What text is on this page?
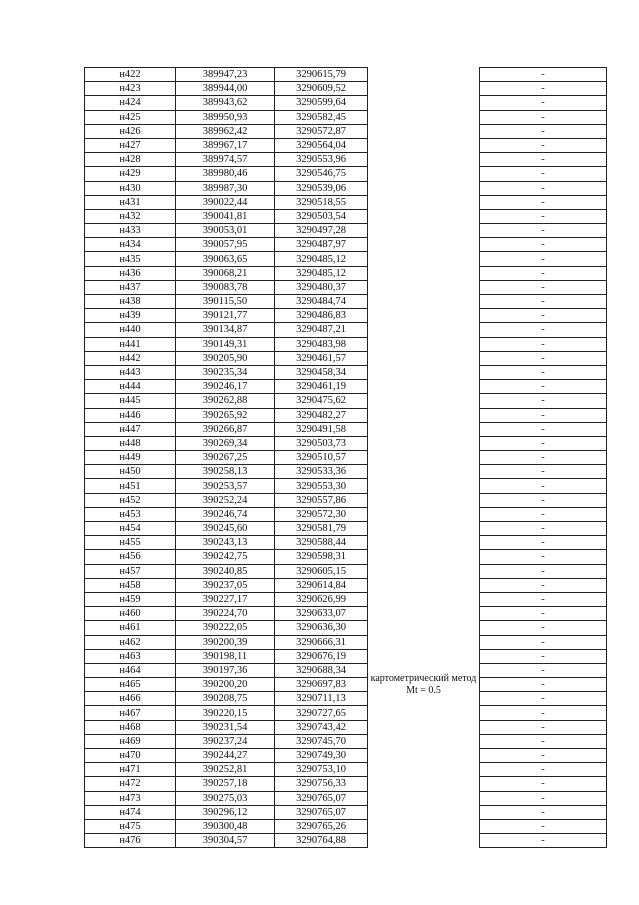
н422	389947,23	3290615,79		-
н423	389944,00	3290609,52		-
н424	389943,62	3290599,64		-
н425	389950,93	3290582,45		-
н426	389962,42	3290572,87		-
н427	389967,17	3290564,04		-
н428	389974,57	3290553,96		-
н429	389980,46	3290546,75		-
н430	389987,30	3290539,06		-
н431	390022,44	3290518,55		-
н432	390041,81	3290503,54		-
н433	390053,01	3290497,28		-
н434	390057,95	3290487,97		-
н435	390063,65	3290485,12		-
н436	390068,21	3290485,12		-
н437	390083,78	3290480,37		-
н438	390115,50	3290484,74		-
н439	390121,77	3290486,83		-
н440	390134,87	3290487,21		-
н441	390149,31	3290483,98		-
н442	390205,90	3290461,57		-
н443	390235,34	3290458,34		-
н444	390246,17	3290461,19		-
н445	390262,88	3290475,62		-
н446	390265,92	3290482,27		-
н447	390266,87	3290491,58		-
н448	390269,34	3290503,73		-
н449	390267,25	3290510,57		-
н450	390258,13	3290533,36		-
н451	390253,57	3290553,30		-
н452	390252,24	3290557,86		-
н453	390246,74	3290572,30		-
н454	390245,60	3290581,79	картометрический метод Mt = 0.5	-
н455	390243,13	3290588,44		-
н456	390242,75	3290598,31		-
н457	390240,85	3290605,15		-
н458	390237,05	3290614,84		-
н459	390227,17	3290626,99		-
н460	390224,70	3290633,07		-
н461	390222,05	3290636,30		-
н462	390200,39	3290666,31		-
н463	390198,11	3290676,19		-
н464	390197,36	3290688,34		-
н465	390200,20	3290697,83		-
н466	390208,75	3290711,13		-
н467	390220,15	3290727,65		-
н468	390231,54	3290743,42		-
н469	390237,24	3290745,70		-
н470	390244,27	3290749,30		-
н471	390252,81	3290753,10		-
н472	390257,18	3290756,33		-
н473	390275,03	3290765,07		-
н474	390296,12	3290765,07		-
н475	390300,48	3290765,26		-
н476	390304,57	3290764,88		-
